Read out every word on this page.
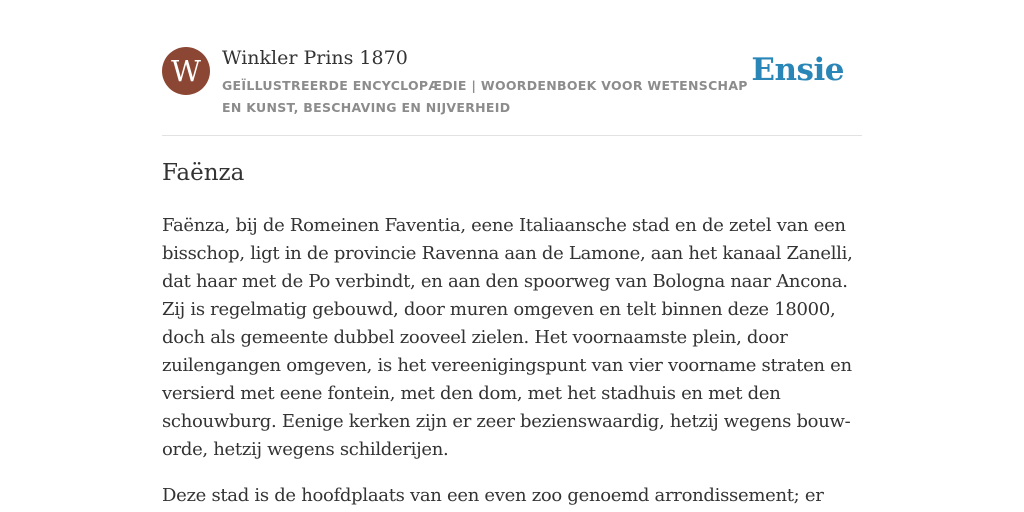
W	Winkler Prins 1870
GEÏLLUSTREERDE ENCYCLOPÆDIE | WOORDENBOEK VOOR WETENSCHAP EN KUNST, BESCHAVING EN NIJVERHEID
Ensie
Faënza

Faënza, bij de Romeinen Faventia, eene Italiaansche stad en de zetel van een bisschop, ligt in de provincie Ravenna aan de Lamone, aan het kanaal Zanelli, dat haar met de Po verbindt, en aan den spoorweg van Bologna naar Ancona. Zij is regelmatig gebouwd, door muren omgeven en telt binnen deze 18000, doch als gemeente dubbel zooveel zielen. Het voornaamste plein, door zuilengangen omgeven, is het vereenigingspunt van vier voorname straten en versierd met eene fontein, met den dom, met het stadhuis en met den schouwburg. Eenige kerken zijn er zeer bezienswaardig, hetzij wegens bouw-orde, hetzij wegens schilderijen.

Deze stad is de hoofdplaats van een even zoo genoemd arrondissement; er
